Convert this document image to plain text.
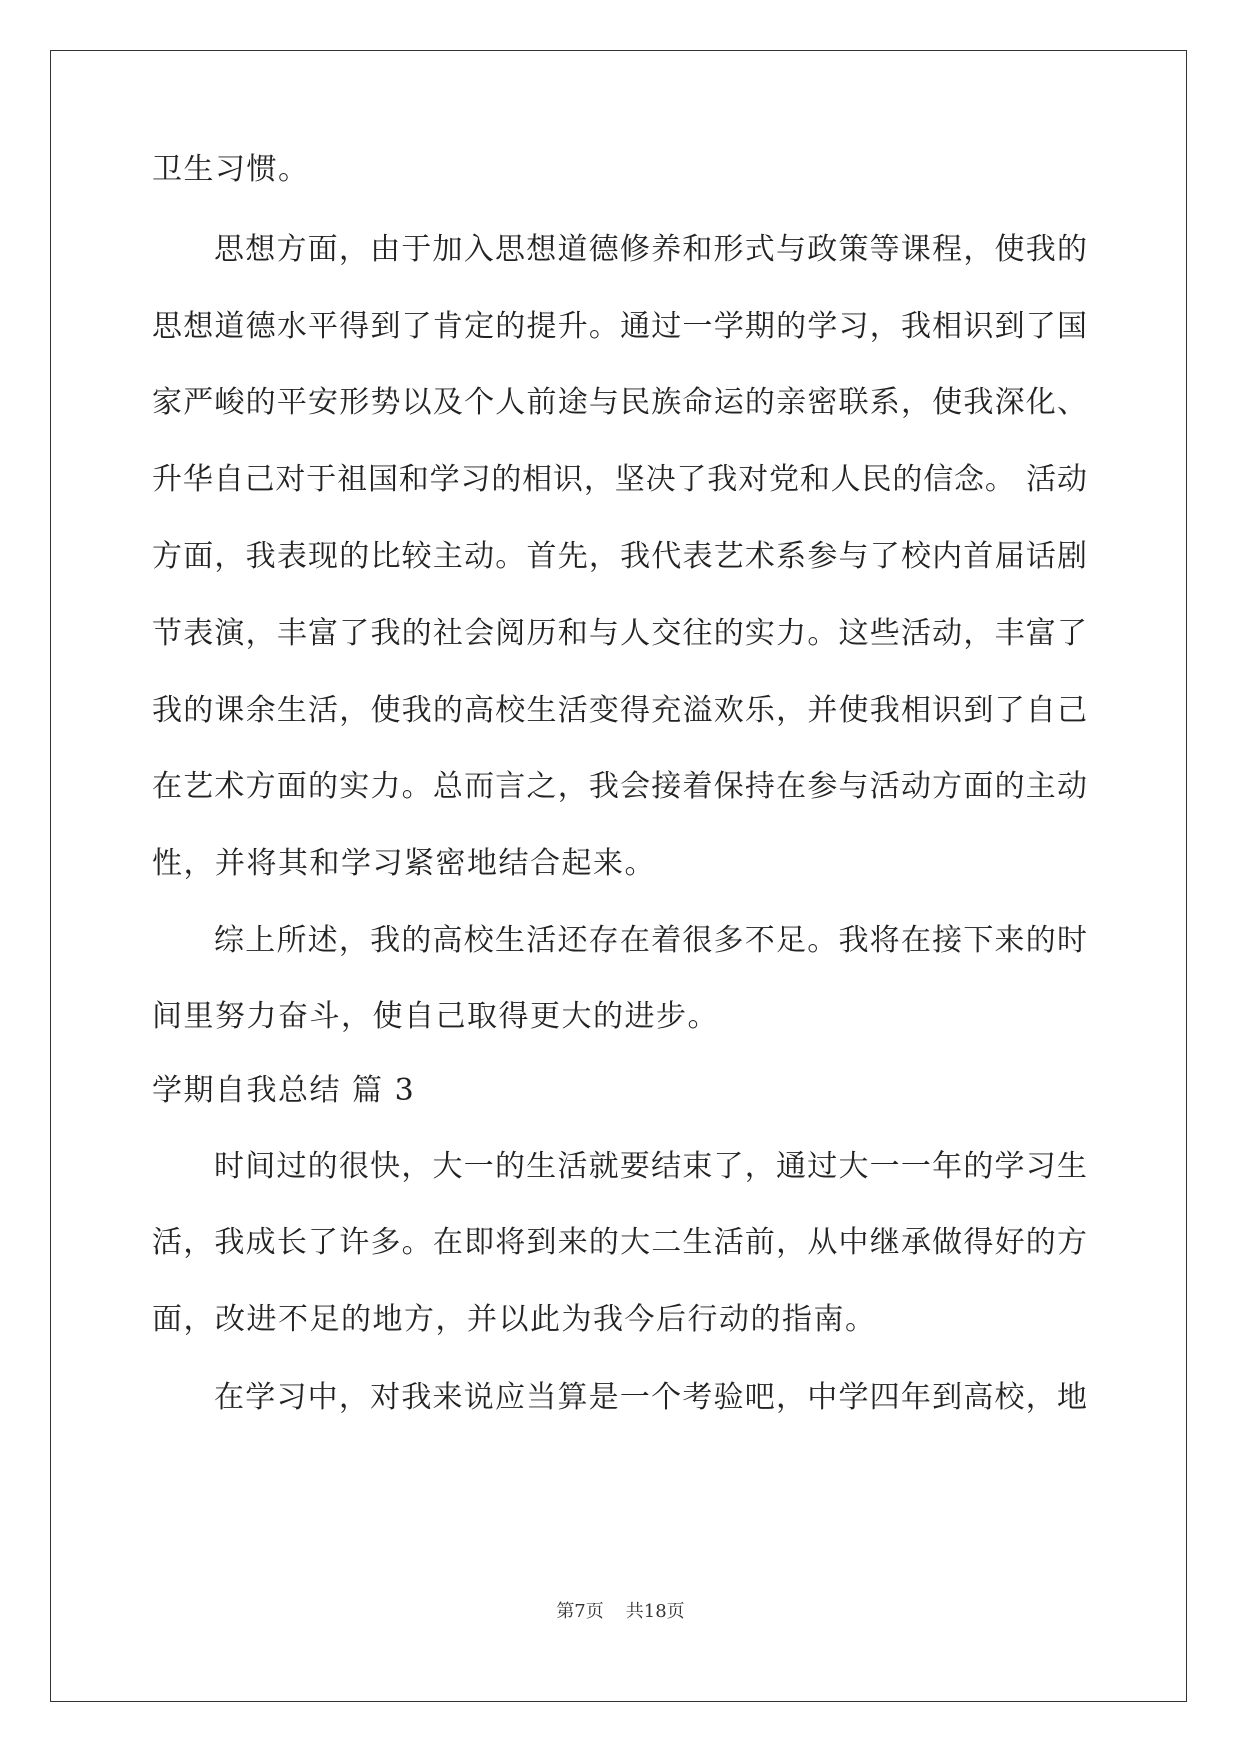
卫生习惯。
思想方面，由于加入思想道德修养和形式与政策等课程，使我的
思想道德水平得到了肯定的提升。通过一学期的学习，我相识到了国
家严峻的平安形势以及个人前途与民族命运的亲密联系，使我深化、
升华自己对于祖国和学习的相识，坚决了我对党和人民的信念。 活动
方面，我表现的比较主动。首先，我代表艺术系参与了校内首届话剧
节表演，丰富了我的社会阅历和与人交往的实力。这些活动，丰富了
我的课余生活，使我的高校生活变得充溢欢乐，并使我相识到了自己
在艺术方面的实力。总而言之，我会接着保持在参与活动方面的主动
性，并将其和学习紧密地结合起来。
综上所述，我的高校生活还存在着很多不足。我将在接下来的时
间里努力奋斗，使自己取得更大的进步。
学期自我总结 篇 3
时间过的很快，大一的生活就要结束了，通过大一一年的学习生
活，我成长了许多。在即将到来的大二生活前，从中继承做得好的方
面，改进不足的地方，并以此为我今后行动的指南。
在学习中，对我来说应当算是一个考验吧，中学四年到高校，地
第7页 共18页
